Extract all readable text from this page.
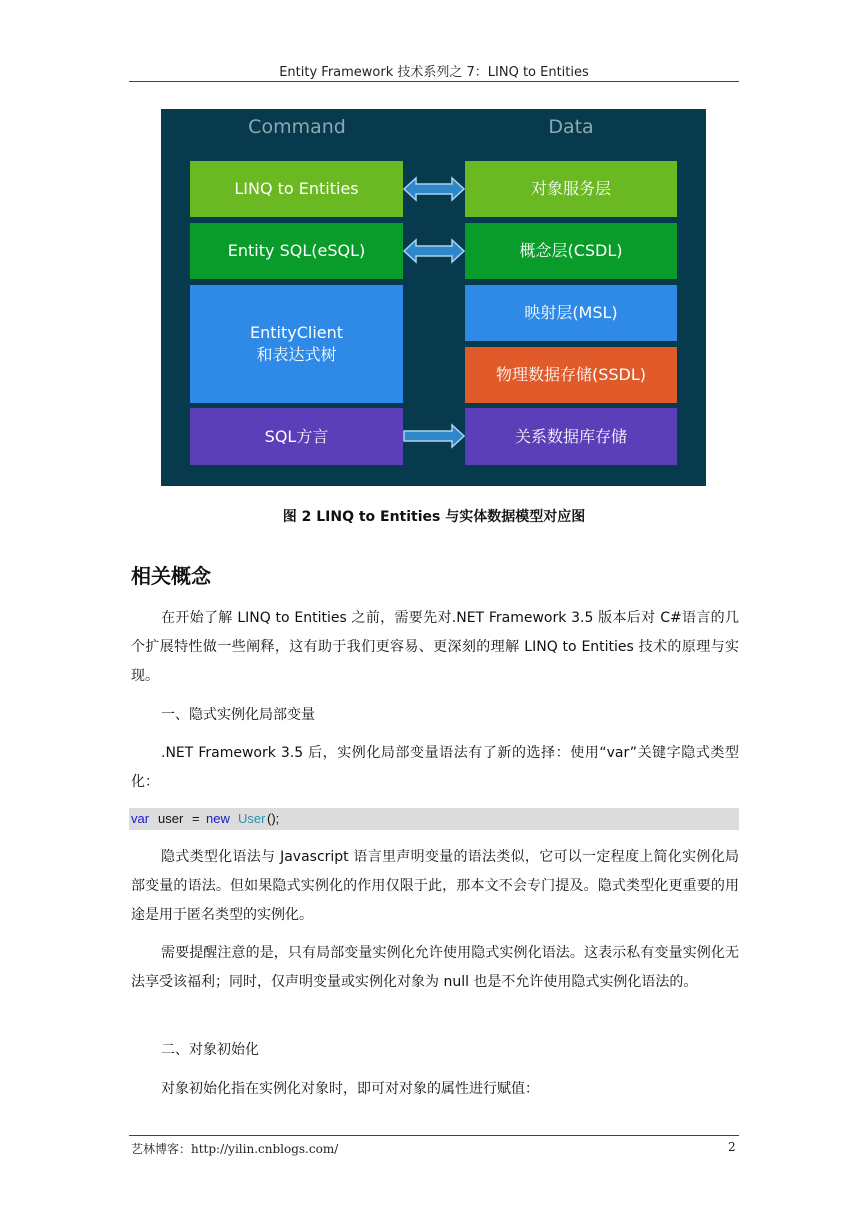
Entity Framework 技术系列之 7：LINQ to Entities
Command	Data
LINQ to Entities
Entity SQL(eSQL)
EntityClient
和表达式树
SQL方言
对象服务层
概念层(CSDL)
映射层(MSL)
物理数据存储(SSDL)
关系数据库存储
图 2 LINQ to Entities 与实体数据模型对应图
相关概念
在开始了解 LINQ to Entities 之前，需要先对.NET Framework 3.5 版本后对 C#语言的几个扩展特性做一些阐释，这有助于我们更容易、更深刻的理解 LINQ to Entities 技术的原理与实现。
一、隐式实例化局部变量
.NET Framework 3.5 后，实例化局部变量语法有了新的选择：使用“var”关键字隐式类型化：
var user = new User ();
隐式类型化语法与 Javascript 语言里声明变量的语法类似，它可以一定程度上简化实例化局部变量的语法。但如果隐式实例化的作用仅限于此，那本文不会专门提及。隐式类型化更重要的用途是用于匿名类型的实例化。
需要提醒注意的是，只有局部变量实例化允许使用隐式实例化语法。这表示私有变量实例化无法享受该福利；同时，仅声明变量或实例化对象为 null 也是不允许使用隐式实例化语法的。
二、对象初始化
对象初始化指在实例化对象时，即可对对象的属性进行赋值：
艺林博客：http://yilin.cnblogs.com/	2
